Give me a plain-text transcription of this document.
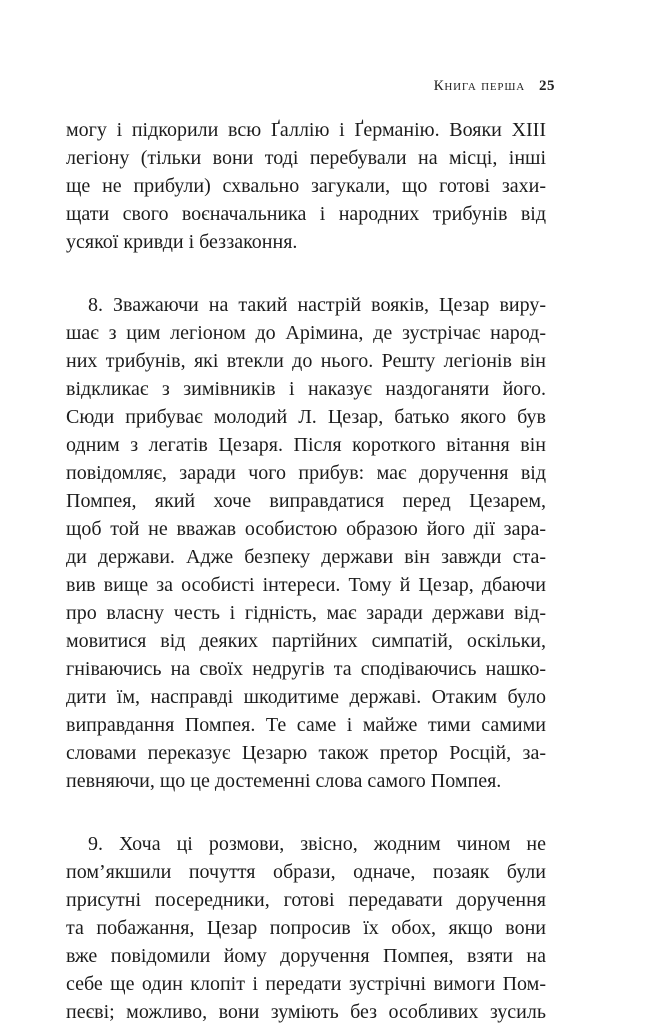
Книга перша 25
могу і підкорили всю Ґаллію і Ґерманію. Вояки ХІІІ
легіону (тільки вони тоді перебували на місці, інші
ще не прибули) схвально загукали, що готові захи-
щати свого воєначальника і народних трибунів від
усякої кривди і беззаконня.
8. Зважаючи на такий настрій вояків, Цезар виру-
шає з цим легіоном до Арімина, де зустрічає народ-
них трибунів, які втекли до нього. Решту легіонів він
відкликає з зимівників і наказує наздоганяти його.
Сюди прибуває молодий Л. Цезар, батько якого був
одним з легатів Цезаря. Після короткого вітання він
повідомляє, заради чого прибув: має доручення від
Помпея, який хоче виправдатися перед Цезарем,
щоб той не вважав особистою образою його дії зара-
ди держави. Адже безпеку держави він завжди ста-
вив вище за особисті інтереси. Тому й Цезар, дбаючи
про власну честь і гідність, має заради держави від-
мовитися від деяких партійних симпатій, оскільки,
гніваючись на своїх недругів та сподіваючись нашко-
дити їм, насправді шкодитиме державі. Отаким було
виправдання Помпея. Те саме і майже тими самими
словами переказує Цезарю також претор Росцій, за-
певняючи, що це достеменні слова самого Помпея.
9. Хоча ці розмови, звісно, жодним чином не
пом’якшили почуття образи, одначе, позаяк були
присутні посередники, готові передавати доручення
та побажання, Цезар попросив їх обох, якщо вони
вже повідомили йому доручення Помпея, взяти на
себе ще один клопіт і передати зустрічні вимоги Пом-
пеєві; можливо, вони зуміють без особливих зусиль
